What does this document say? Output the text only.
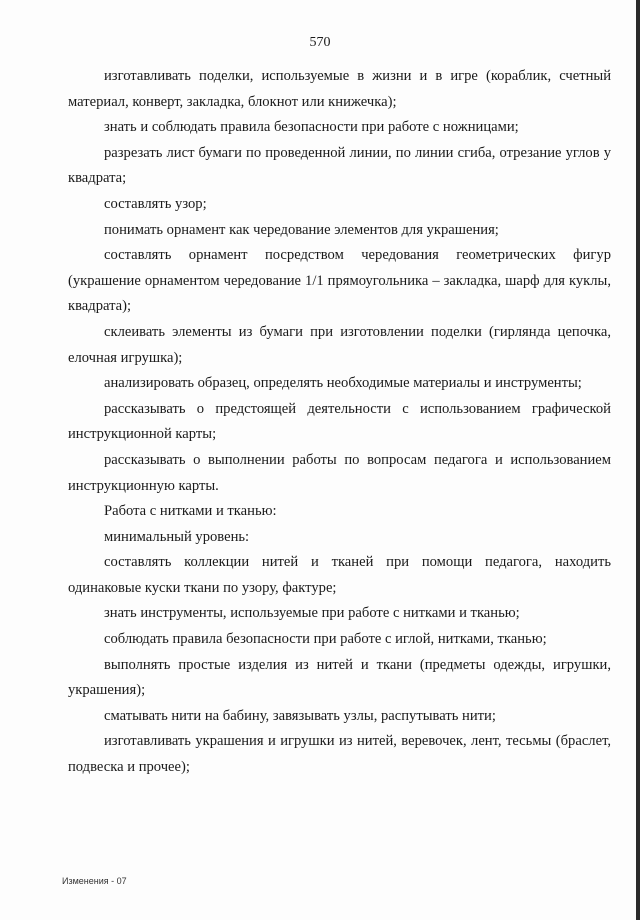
570

изготавливать поделки, используемые в жизни и в игре (кораблик, счетный материал, конверт, закладка, блокнот или книжечка);

знать и соблюдать правила безопасности при работе с ножницами;

разрезать лист бумаги по проведенной линии, по линии сгиба, отрезание углов у квадрата;

составлять узор;

понимать орнамент как чередование элементов для украшения;

составлять орнамент посредством чередования геометрических фигур (украшение орнаментом чередование 1/1 прямоугольника – закладка, шарф для куклы, квадрата);

склеивать элементы из бумаги при изготовлении поделки (гирлянда цепочка, елочная игрушка);

анализировать образец, определять необходимые материалы и инструменты;

рассказывать о предстоящей деятельности с использованием графической инструкционной карты;

рассказывать о выполнении работы по вопросам педагога и использованием инструкционную карты.

Работа с нитками и тканью:

минимальный уровень:

составлять коллекции нитей и тканей при помощи педагога, находить одинаковые куски ткани по узору, фактуре;

знать инструменты, используемые при работе с нитками и тканью;

соблюдать правила безопасности при работе с иглой, нитками, тканью;

выполнять простые изделия из нитей и ткани (предметы одежды, игрушки, украшения);

сматывать нити на бабину, завязывать узлы, распутывать нити;

изготавливать украшения и игрушки из нитей, веревочек, лент, тесьмы (браслет, подвеска и прочее);

Изменения - 07
